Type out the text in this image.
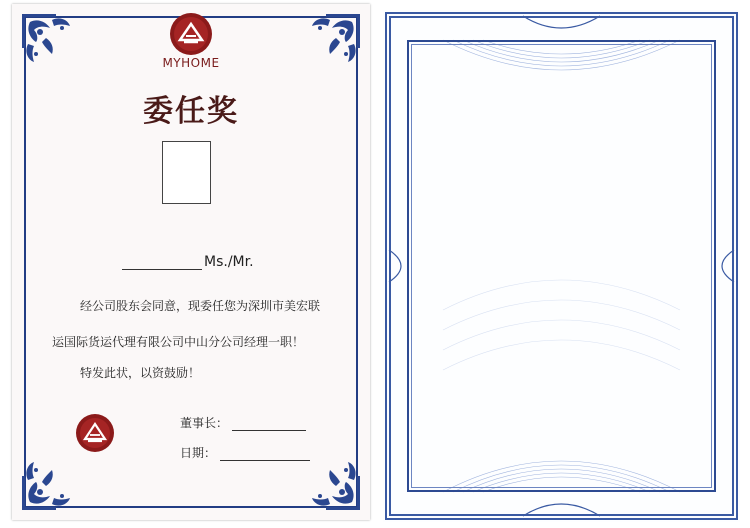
MYHOME
委任奖
Ms./Mr.
经公司股东会同意，现委任您为深圳市美宏联
运国际货运代理有限公司中山分公司经理一职！
特发此状，以资鼓励！
董事长：
日期：
